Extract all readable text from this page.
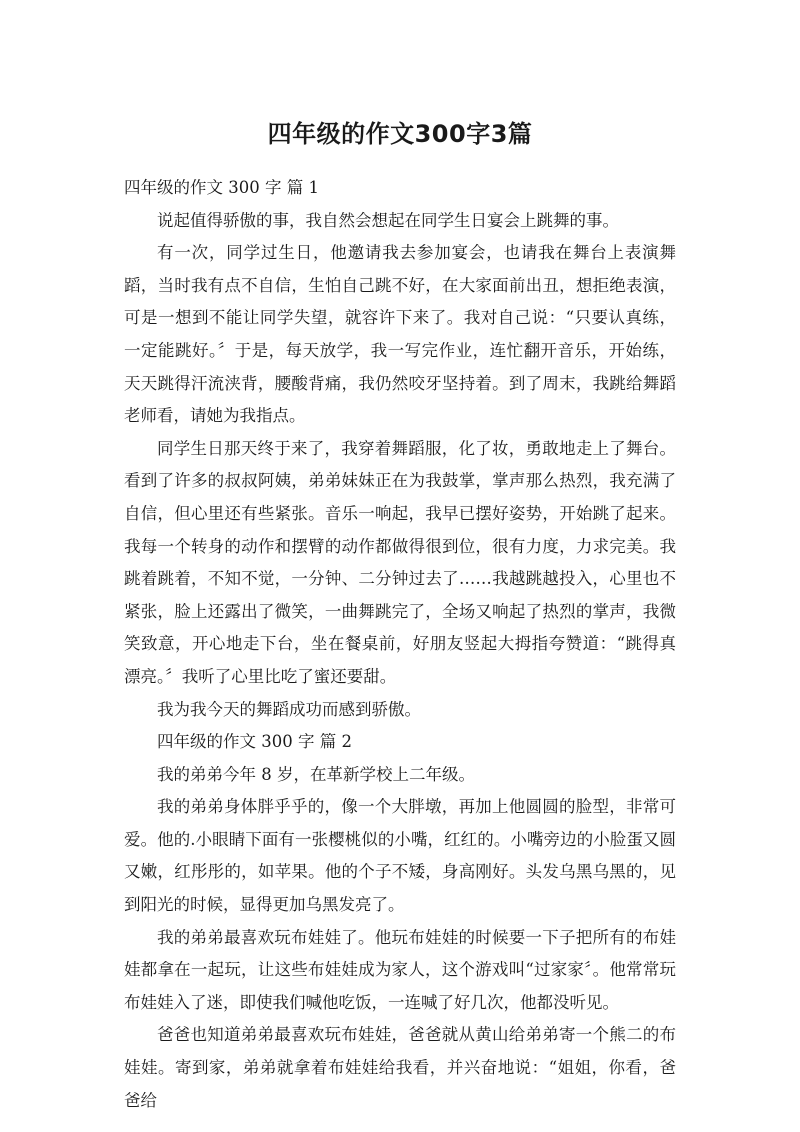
四年级的作文300字3篇

四年级的作文 300 字 篇 1

说起值得骄傲的事，我自然会想起在同学生日宴会上跳舞的事。

有一次，同学过生日，他邀请我去参加宴会，也请我在舞台上表演舞蹈，当时我有点不自信，生怕自己跳不好，在大家面前出丑，想拒绝表演，可是一想到不能让同学失望，就容许下来了。我对自己说：“只要认真练，一定能跳好。〞于是，每天放学，我一写完作业，连忙翻开音乐，开始练，天天跳得汗流浃背，腰酸背痛，我仍然咬牙坚持着。到了周末，我跳给舞蹈老师看，请她为我指点。

同学生日那天终于来了，我穿着舞蹈服，化了妆，勇敢地走上了舞台。看到了许多的叔叔阿姨，弟弟妹妹正在为我鼓掌，掌声那么热烈，我充满了自信，但心里还有些紧张。音乐一响起，我早已摆好姿势，开始跳了起来。我每一个转身的动作和摆臂的动作都做得很到位，很有力度，力求完美。我跳着跳着，不知不觉，一分钟、二分钟过去了……我越跳越投入，心里也不紧张，脸上还露出了微笑，一曲舞跳完了，全场又响起了热烈的掌声，我微笑致意，开心地走下台，坐在餐桌前，好朋友竖起大拇指夸赞道：“跳得真漂亮。〞我听了心里比吃了蜜还要甜。

我为我今天的舞蹈成功而感到骄傲。

四年级的作文 300 字 篇 2

我的弟弟今年 8 岁，在革新学校上二年级。

我的弟弟身体胖乎乎的，像一个大胖墩，再加上他圆圆的脸型，非常可爱。他的.小眼睛下面有一张樱桃似的小嘴，红红的。小嘴旁边的小脸蛋又圆又嫩，红彤彤的，如苹果。他的个子不矮，身高刚好。头发乌黑乌黑的，见到阳光的时候，显得更加乌黑发亮了。

我的弟弟最喜欢玩布娃娃了。他玩布娃娃的时候要一下子把所有的布娃娃都拿在一起玩，让这些布娃娃成为家人，这个游戏叫“过家家〞。他常常玩布娃娃入了迷，即使我们喊他吃饭，一连喊了好几次，他都没听见。

爸爸也知道弟弟最喜欢玩布娃娃，爸爸就从黄山给弟弟寄一个熊二的布娃娃。寄到家，弟弟就拿着布娃娃给我看，并兴奋地说：“姐姐，你看，爸爸给
